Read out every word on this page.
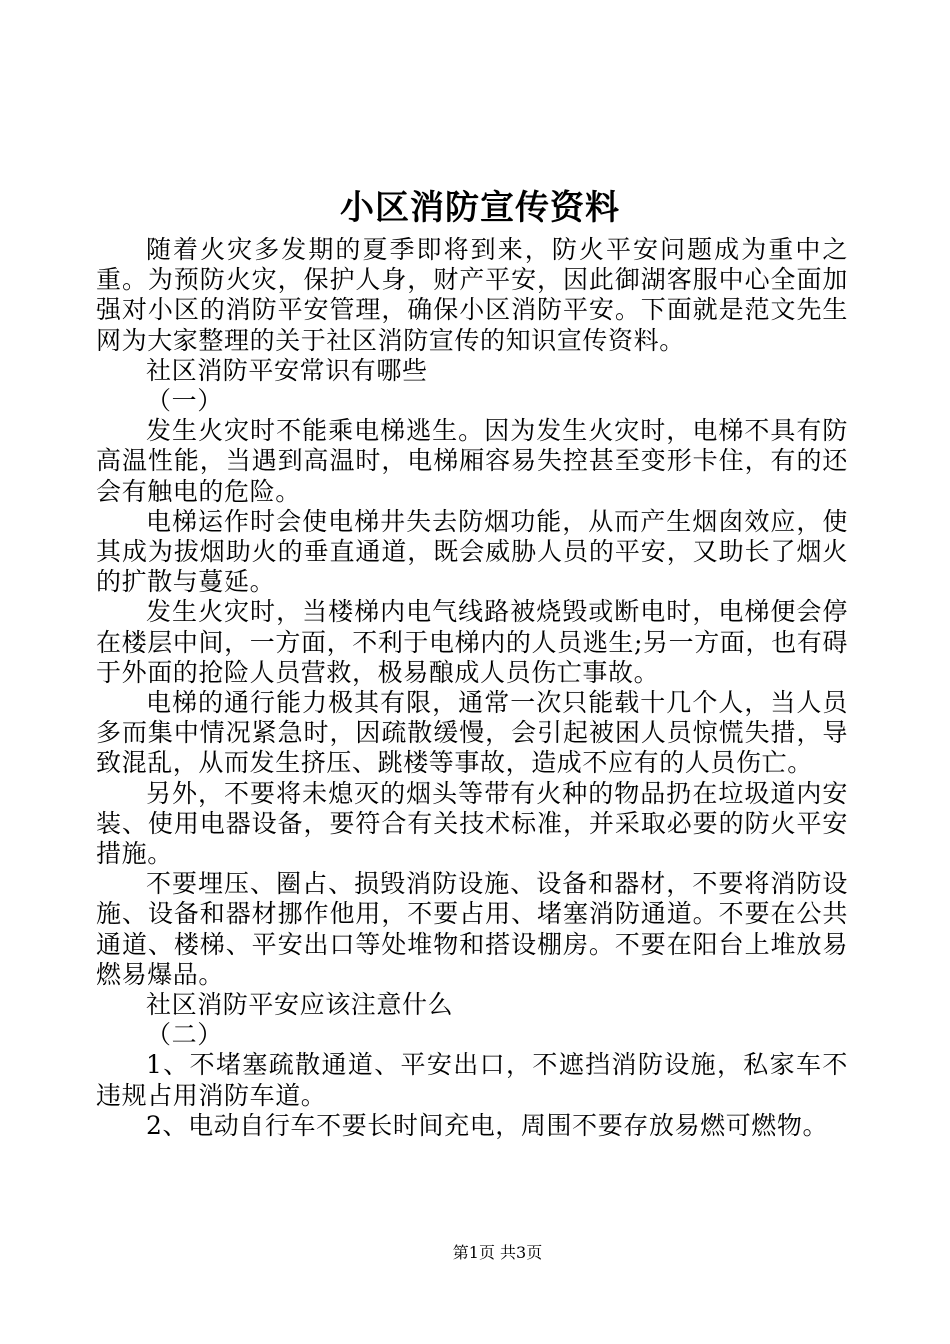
小区消防宣传资料

随着火灾多发期的夏季即将到来，防火平安问题成为重中之重。为预防火灾，保护人身，财产平安，因此御湖客服中心全面加强对小区的消防平安管理，确保小区消防平安。下面就是范文先生网为大家整理的关于社区消防宣传的知识宣传资料。

社区消防平安常识有哪些

（一）

发生火灾时不能乘电梯逃生。因为发生火灾时，电梯不具有防高温性能，当遇到高温时，电梯厢容易失控甚至变形卡住，有的还会有触电的危险。

电梯运作时会使电梯井失去防烟功能，从而产生烟囱效应，使其成为拔烟助火的垂直通道，既会威胁人员的平安，又助长了烟火的扩散与蔓延。

发生火灾时，当楼梯内电气线路被烧毁或断电时，电梯便会停在楼层中间，一方面，不利于电梯内的人员逃生;另一方面，也有碍于外面的抢险人员营救，极易酿成人员伤亡事故。

电梯的通行能力极其有限，通常一次只能载十几个人，当人员多而集中情况紧急时，因疏散缓慢，会引起被困人员惊慌失措，导致混乱，从而发生挤压、跳楼等事故，造成不应有的人员伤亡。

另外，不要将未熄灭的烟头等带有火种的物品扔在垃圾道内安装、使用电器设备，要符合有关技术标准，并采取必要的防火平安措施。

不要埋压、圈占、损毁消防设施、设备和器材，不要将消防设施、设备和器材挪作他用，不要占用、堵塞消防通道。不要在公共通道、楼梯、平安出口等处堆物和搭设棚房。不要在阳台上堆放易燃易爆品。

社区消防平安应该注意什么

（二）

1、不堵塞疏散通道、平安出口，不遮挡消防设施，私家车不违规占用消防车道。

2、电动自行车不要长时间充电，周围不要存放易燃可燃物。

第1页 共3页
